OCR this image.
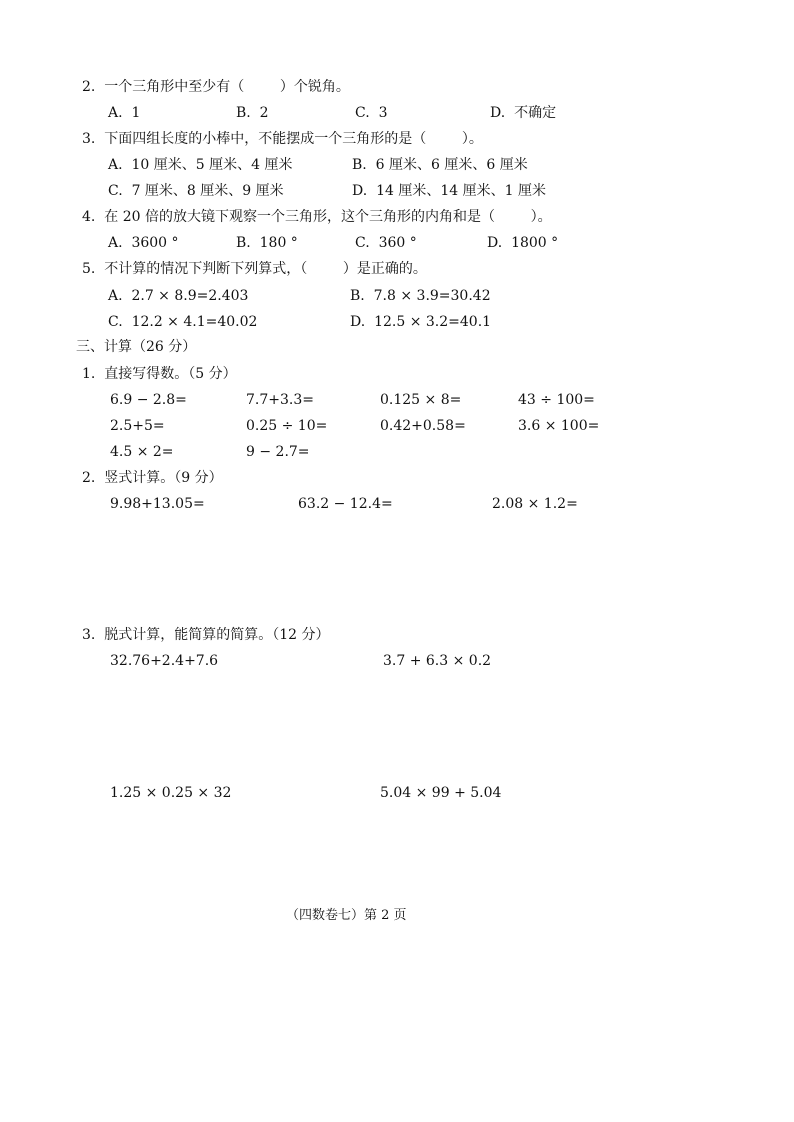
2.  一个三角形中至少有（        ）个锐角。
A.  1	B.  2	C.  3	D.  不确定
3.  下面四组长度的小棒中，不能摆成一个三角形的是（        ）。
A.  10 厘米、5 厘米、4 厘米	B.  6 厘米、6 厘米、6 厘米
C.  7 厘米、8 厘米、9 厘米	D.  14 厘米、14 厘米、1 厘米
4.  在 20 倍的放大镜下观察一个三角形，这个三角形的内角和是（        ）。
A.  3600 °	B.  180 °	C.  360 °	D.  1800 °
5.  不计算的情况下判断下列算式，（        ）是正确的。
A.  2.7 × 8.9=2.403	B.  7.8 × 3.9=30.42
C.  12.2 × 4.1=40.02	D.  12.5 × 3.2=40.1
三、计算（26 分）
1.  直接写得数。（5 分）
6.9 − 2.8=	7.7+3.3=	0.125 × 8=	43 ÷ 100=
2.5+5=	0.25 ÷ 10=	0.42+0.58=	3.6 × 100=
4.5 × 2=	9 − 2.7=
2.  竖式计算。（9 分）
9.98+13.05=	63.2 − 12.4=	2.08 × 1.2=
3.  脱式计算，能简算的简算。（12 分）
32.76+2.4+7.6	3.7 + 6.3 × 0.2
1.25 × 0.25 × 32	5.04 × 99 + 5.04
（四数卷七）第 2 页
